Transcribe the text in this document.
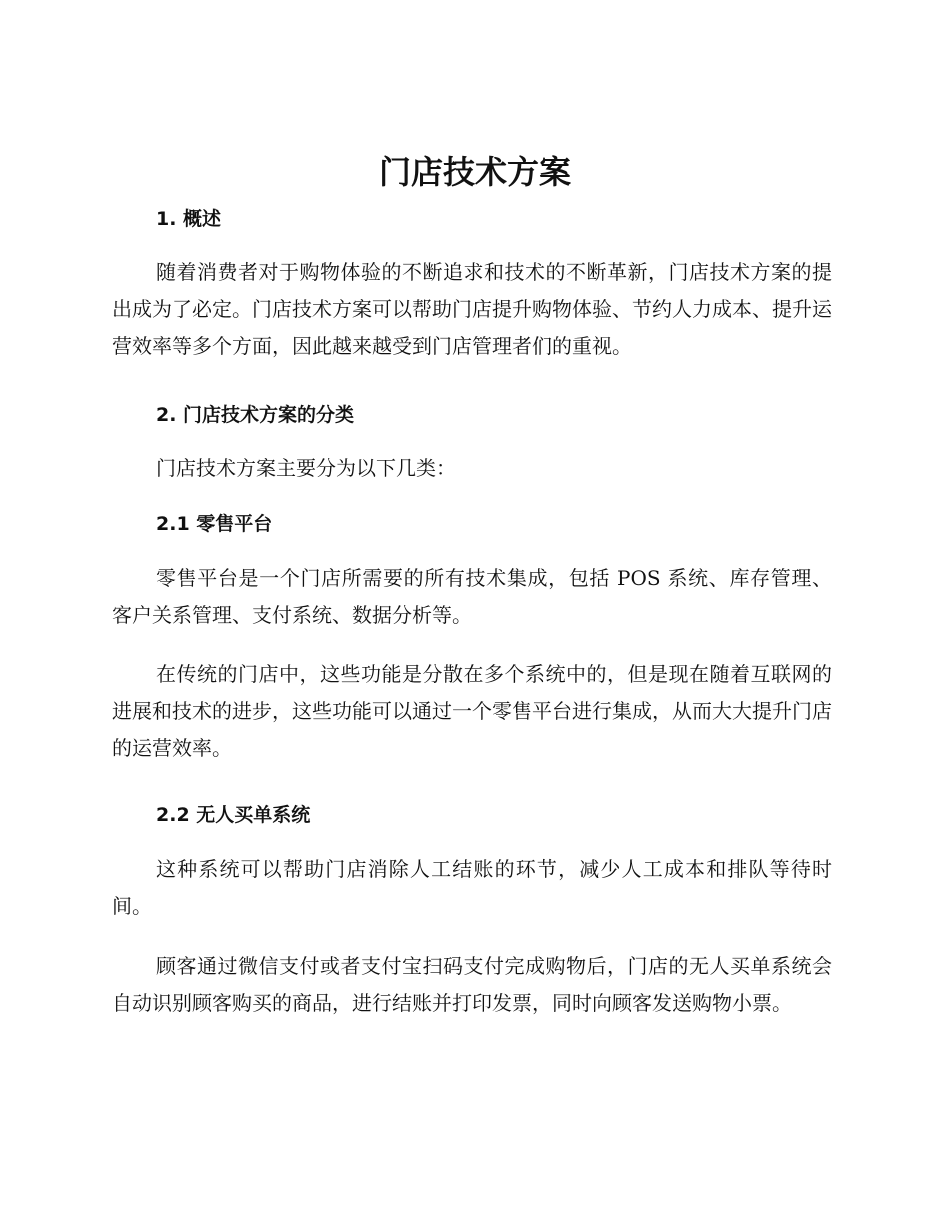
门店技术方案
1. 概述

随着消费者对于购物体验的不断追求和技术的不断革新，门店技术方案的提出成为了必定。门店技术方案可以帮助门店提升购物体验、节约人力成本、提升运营效率等多个方面，因此越来越受到门店管理者们的重视。

2. 门店技术方案的分类

门店技术方案主要分为以下几类：

2.1 零售平台

零售平台是一个门店所需要的所有技术集成，包括 POS 系统、库存管理、客户关系管理、支付系统、数据分析等。

在传统的门店中，这些功能是分散在多个系统中的，但是现在随着互联网的进展和技术的进步，这些功能可以通过一个零售平台进行集成，从而大大提升门店的运营效率。

2.2 无人买单系统

这种系统可以帮助门店消除人工结账的环节，减少人工成本和排队等待时间。

顾客通过微信支付或者支付宝扫码支付完成购物后，门店的无人买单系统会自动识别顾客购买的商品，进行结账并打印发票，同时向顾客发送购物小票。
